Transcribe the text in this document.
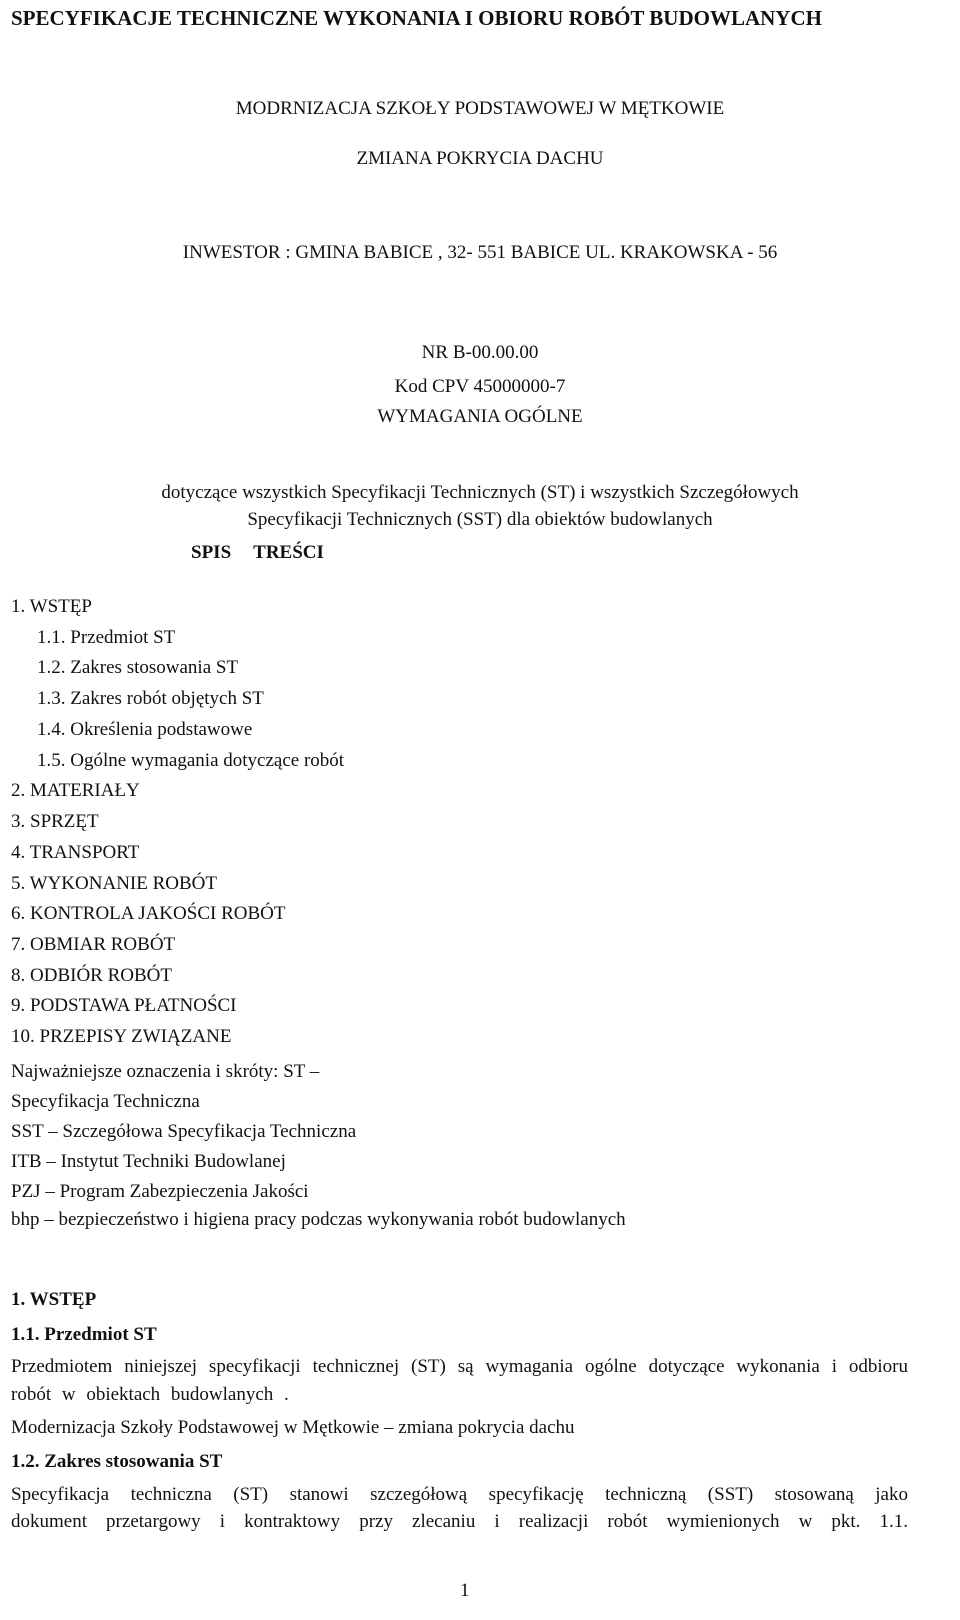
SPECYFIKACJE TECHNICZNE WYKONANIA I OBIORU ROBÓT BUDOWLANYCH
MODRNIZACJA SZKOŁY PODSTAWOWEJ W MĘTKOWIE
ZMIANA POKRYCIA DACHU
INWESTOR : GMINA BABICE , 32- 551 BABICE UL. KRAKOWSKA - 56
NR B-00.00.00
Kod CPV 45000000-7
WYMAGANIA OGÓLNE
dotyczące wszystkich Specyfikacji Technicznych (ST) i wszystkich Szczegółowych
Specyfikacji Technicznych (SST) dla obiektów budowlanych
SPIS TREŚCI
1. WSTĘP
1.1. Przedmiot ST
1.2. Zakres stosowania ST
1.3. Zakres robót objętych ST
1.4. Określenia podstawowe
1.5. Ogólne wymagania dotyczące robót
2. MATERIAŁY
3. SPRZĘT
4. TRANSPORT
5. WYKONANIE ROBÓT
6. KONTROLA JAKOŚCI ROBÓT
7. OBMIAR ROBÓT
8. ODBIÓR ROBÓT
9. PODSTAWA PŁATNOŚCI
10. PRZEPISY ZWIĄZANE
Najważniejsze oznaczenia i skróty: ST –
Specyfikacja Techniczna
SST – Szczegółowa Specyfikacja Techniczna
ITB – Instytut Techniki Budowlanej
PZJ – Program Zabezpieczenia Jakości
bhp – bezpieczeństwo i higiena pracy podczas wykonywania robót budowlanych
1. WSTĘP
1.1. Przedmiot ST
Przedmiotem niniejszej specyfikacji technicznej (ST) są wymagania ogólne dotyczące wykonania i odbioru
robót w obiektach budowlanych .
Modernizacja Szkoły Podstawowej w Mętkowie – zmiana pokrycia dachu
1.2. Zakres stosowania ST
Specyfikacja techniczna (ST) stanowi szczegółową specyfikację techniczną (SST) stosowaną jako
dokument przetargowy i kontraktowy przy zlecaniu i realizacji robót wymienionych w pkt. 1.1.
1
